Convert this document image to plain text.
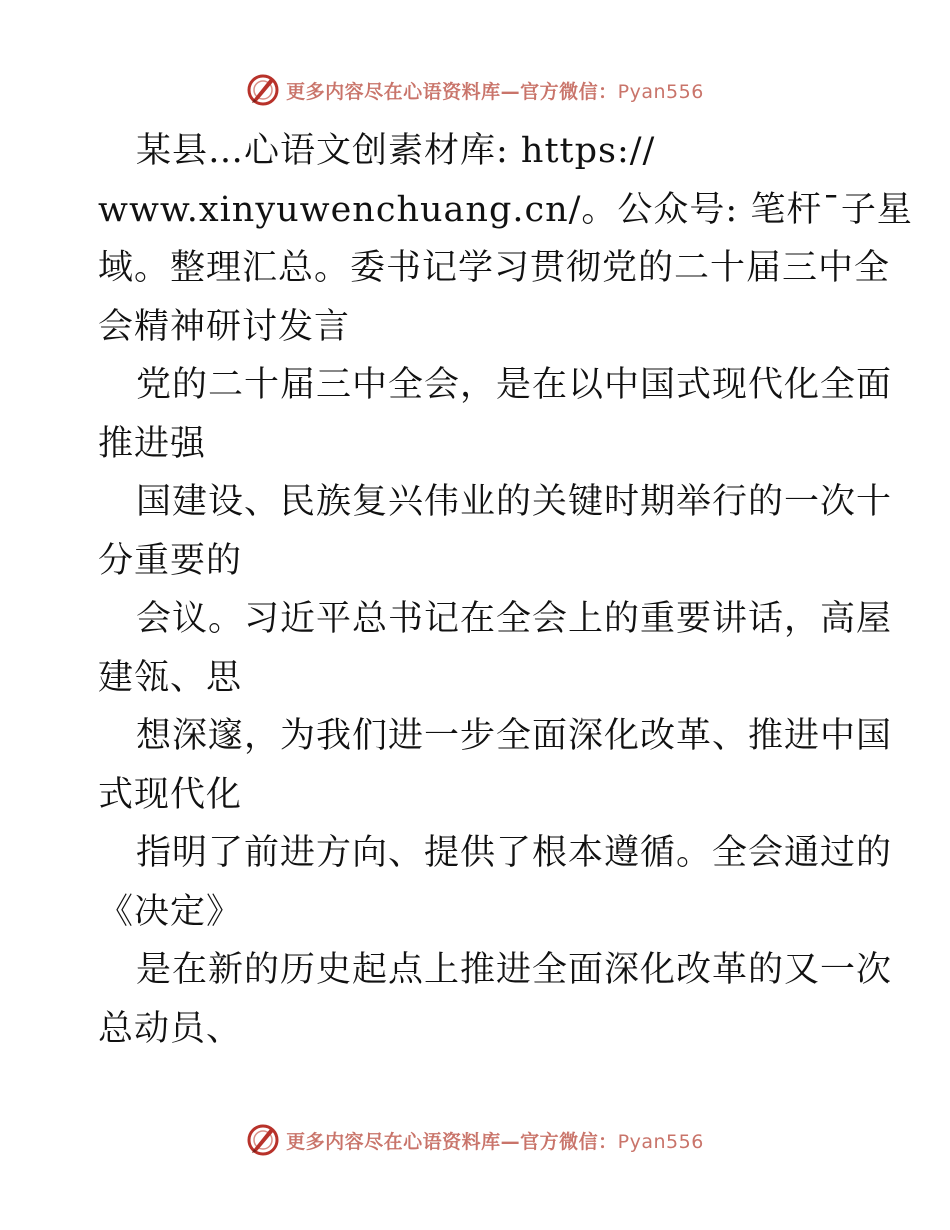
更多内容尽在心语资料库—官方微信：Pyan556
某县…心语文创素材库: https://
www.xinyuwenchuang.cn/。公众号: 笔杆¯子星
域。整理汇总。委书记学习贯彻党的二十届三中全
会精神研讨发言
党的二十届三中全会，是在以中国式现代化全面
推进强
国建设、民族复兴伟业的关键时期举行的一次十
分重要的
会议。习近平总书记在全会上的重要讲话，高屋
建瓴、思
想深邃，为我们进一步全面深化改革、推进中国
式现代化
指明了前进方向、提供了根本遵循。全会通过的
《决定》
是在新的历史起点上推进全面深化改革的又一次
总动员、
更多内容尽在心语资料库—官方微信：Pyan556
